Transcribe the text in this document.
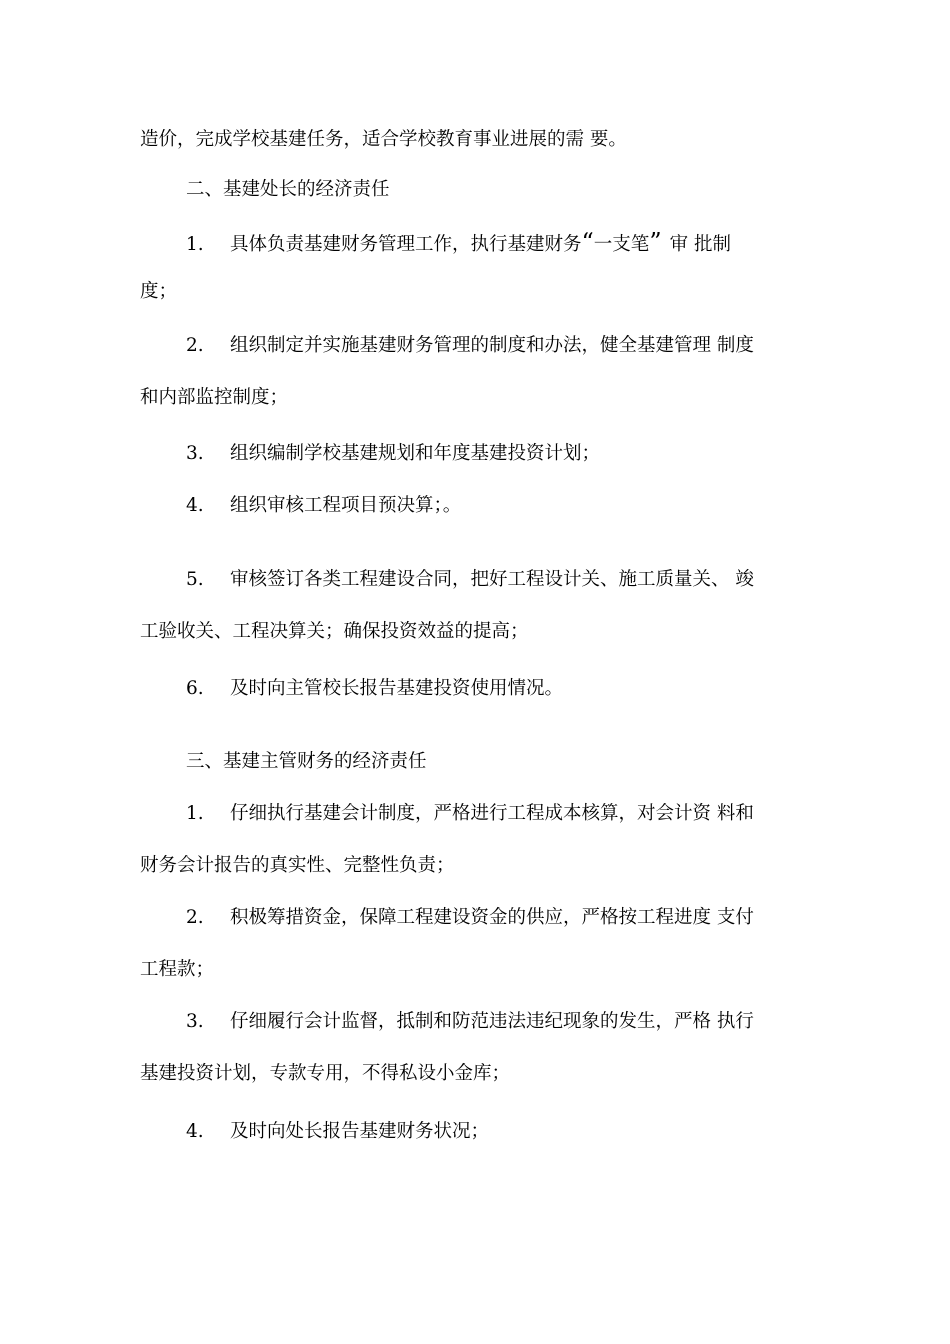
造价，完成学校基建任务，适合学校教育事业进展的需 要。
二、基建处长的经济责任
1. 具体负责基建财务管理工作，执行基建财务“一支笔” 审 批制
度；
2. 组织制定并实施基建财务管理的制度和办法，健全基建管理 制度
和内部监控制度；
3. 组织编制学校基建规划和年度基建投资计划；
4. 组织审核工程项目预决算；。
5. 审核签订各类工程建设合同，把好工程设计关、施工质量关、 竣
工验收关、工程决算关；确保投资效益的提高；
6. 及时向主管校长报告基建投资使用情况。
三、基建主管财务的经济责任
1. 仔细执行基建会计制度，严格进行工程成本核算，对会计资 料和
财务会计报告的真实性、完整性负责；
2. 积极筹措资金，保障工程建设资金的供应，严格按工程进度 支付
工程款；
3. 仔细履行会计监督，抵制和防范违法违纪现象的发生，严格 执行
基建投资计划，专款专用，不得私设小金库；
4. 及时向处长报告基建财务状况；
